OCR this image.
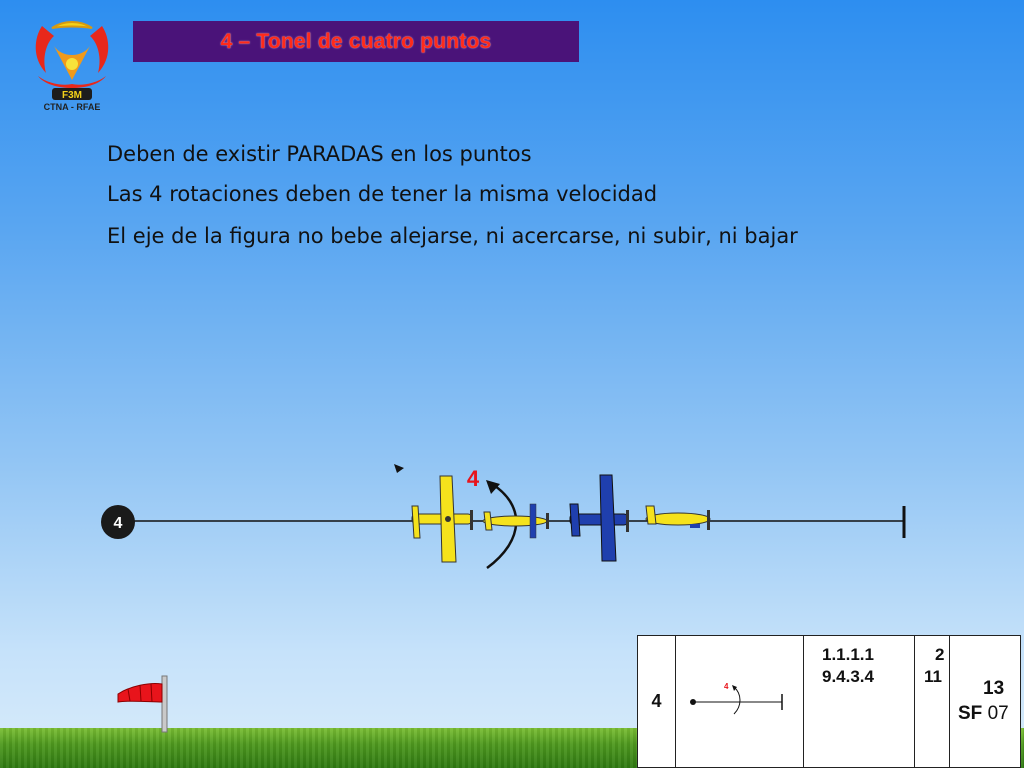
F3M
CTNA - RFAE
4 – Tonel de cuatro puntos
Deben de existir PARADAS en los puntos
Las 4 rotaciones deben de tener la misma velocidad
El eje de la figura no bebe alejarse, ni acercarse, ni subir, ni bajar
4
4
4
4
1.1.1.1
9.4.3.4
2
11
13
SF 07
